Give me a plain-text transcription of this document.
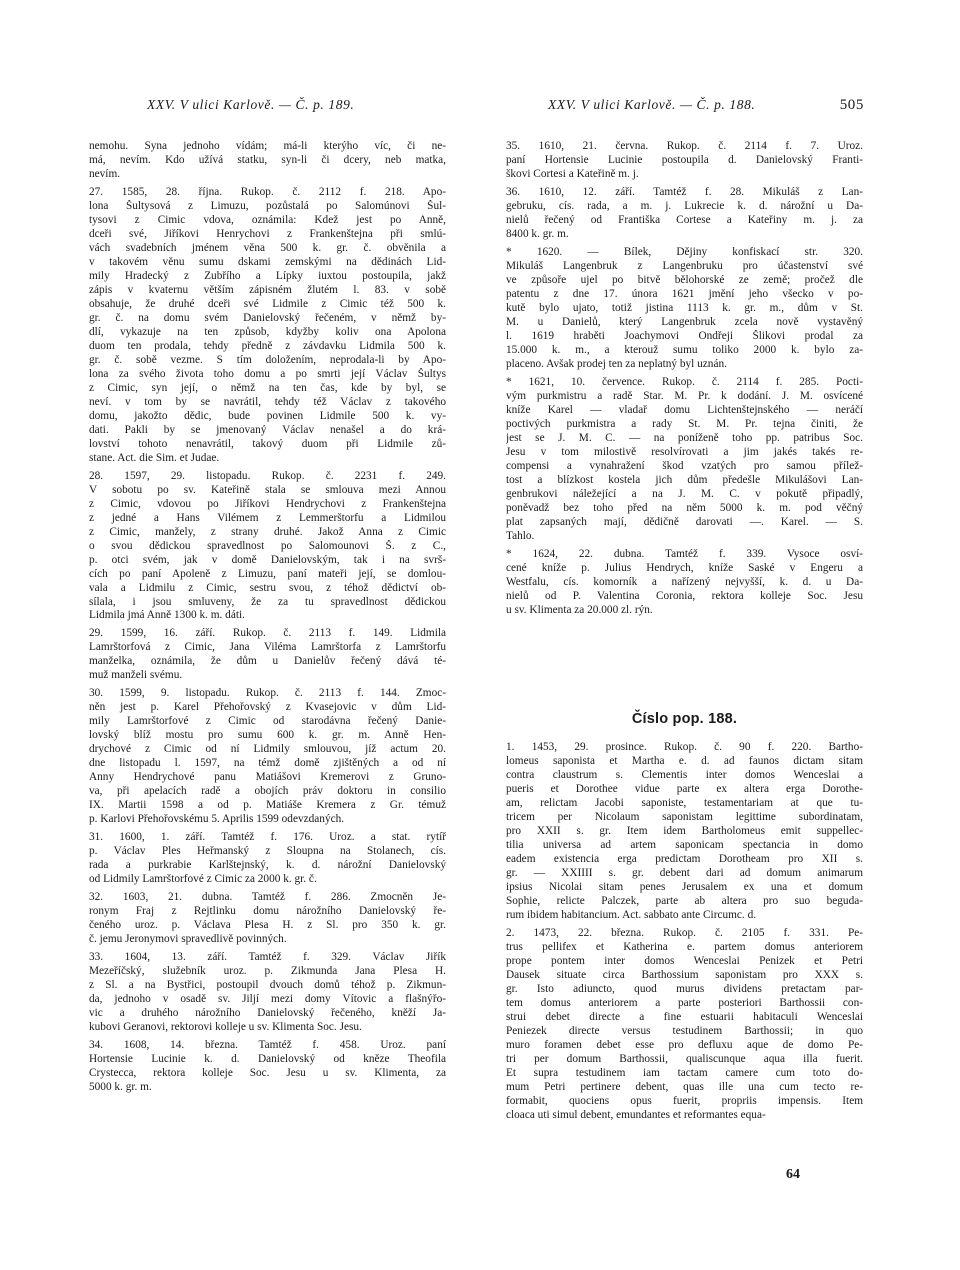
XXV. V ulici Karlově. — Č. p. 189.	XXV. V ulici Karlově. — Č. p. 188.	505
nemohu. Syna jednoho vídám; má-li kterýho víc, či ne-
má, nevím. Kdo užívá statku, syn-li či dcery, neb matka,
nevím.
27. 1585, 28. října. Rukop. č. 2112 f. 218. Apo-
lona Šultysová z Limuzu, pozůstalá po Salomúnovi Šul-
tysovi z Cimic vdova, oznámila: Kdež jest po Anně,
dceři své, Jiříkovi Henrychovi z Frankenštejna při smlú-
vách svadebních jménem věna 500 k. gr. č. obvěnila a
v takovém věnu sumu dskami zemskými na dědinách Lid-
mily Hradecký z Zubřího a Lípky iuxtou postoupila, jakž
zápis v kvaternu větším zápisném žlutém l. 83. v sobě
obsahuje, že druhé dceři své Lidmile z Cimic též 500 k.
gr. č. na domu svém Danielovský řečeném, v němž by-
dlí, vykazuje na ten způsob, kdyžby koliv ona Apolona
duom ten prodala, tehdy předně z závdavku Lidmila 500 k.
gr. č. sobě vezme. S tím doložením, neprodala-li by Apo-
lona za svého života toho domu a po smrti její Václav Šultys
z Cimic, syn její, o němž na ten čas, kde by byl, se
neví. v tom by se navrátil, tehdy též Václav z takového
domu, jakožto dědic, bude povinen Lidmile 500 k. vy-
dati. Pakli by se jmenovaný Václav nenašel a do krá-
lovství tohoto nenavrátil, takový duom při Lidmile zů-
stane. Act. die Sim. et Judae.
28. 1597, 29. listopadu. Rukop. č. 2231 f. 249.
V sobotu po sv. Kateřině stala se smlouva mezi Annou
z Cimic, vdovou po Jiříkovi Hendrychovi z Frankenštejna
z jedné a Hans Vilémem z Lemmerštorfu a Lidmilou
z Cimic, manžely, z strany druhé. Jakož Anna z Cimic
o svou dědickou spravedlnost po Salomounovi Š. z C.,
p. otci svém, jak v domě Danielovským, tak i na svrš-
cích po paní Apoleně z Limuzu, paní mateři její, se domlou-
vala a Lidmilu z Cimic, sestru svou, z téhož dědictví ob-
sílala, i jsou smluveny, že za tu spravedlnost dědickou
Lidmila jmá Anně 1300 k. m. dáti.
29. 1599, 16. září. Rukop. č. 2113 f. 149. Lidmila
Lamrštorfová z Cimic, Jana Viléma Lamrštorfa z Lamrštorfu
manželka, oznámila, že dům u Danielův řečený dává té-
muž manželi svému.
30. 1599, 9. listopadu. Rukop. č. 2113 f. 144. Zmoc-
něn jest p. Karel Přehořovský z Kvasejovic v dům Lid-
mily Lamrštorfové z Cimic od starodávna řečený Danie-
lovský blíž mostu pro sumu 600 k. gr. m. Anně Hen-
drychové z Cimic od ní Lidmily smlouvou, jíž actum 20.
dne listopadu l. 1597, na témž domě zjištěných a od ní
Anny Hendrychové panu Matiášovi Kremerovi z Gruno-
va, při apelacích radě a obojích práv doktoru in consilio
IX. Martii 1598 a od p. Matiáše Kremera z Gr. témuž
p. Karlovi Přehořovskému 5. Aprilis 1599 odevzdaných.
31. 1600, 1. září. Tamtéž f. 176. Uroz. a stat. rytíř
p. Václav Ples Heřmanský z Sloupna na Stolanech, cís.
rada a purkrabie Karlštejnský, k. d. nárožní Danielovský
od Lidmily Lamrštorfové z Cimic za 2000 k. gr. č.
32. 1603, 21. dubna. Tamtéž f. 286. Zmocněn Je-
ronym Fraj z Rejtlinku domu nárožního Danielovský ře-
čeného uroz. p. Václava Plesa H. z Sl. pro 350 k. gr.
č. jemu Jeronymovi spravedlivě povinných.
33. 1604, 13. září. Tamtéž f. 329. Václav Jiřík
Mezeříčský, služebník uroz. p. Zikmunda Jana Plesa H.
z Sl. a na Bystřici, postoupil dvouch domů téhož p. Zikmun-
da, jednoho v osadě sv. Jiljí mezi domy Vítovic a flašnýřo-
vic a druhého nárožního Danielovský řečeného, kněží Ja-
kubovi Geranovi, rektorovi kolleje u sv. Klimenta Soc. Jesu.
34. 1608, 14. března. Tamtéž f. 458. Uroz. paní
Hortensie Lucinie k. d. Danielovský od kněze Theofila
Crystecca, rektora kolleje Soc. Jesu u sv. Klimenta, za
5000 k. gr. m.
35. 1610, 21. června. Rukop. č. 2114 f. 7. Uroz.
paní Hortensie Lucinie postoupila d. Danielovský Franti-
škovi Cortesi a Kateřině m. j.
36. 1610, 12. září. Tamtéž f. 28. Mikuláš z Lan-
gebruku, cís. rada, a m. j. Lukrecie k. d. nárožní u Da-
nielů řečený od Františka Cortese a Kateřiny m. j. za
8400 k. gr. m.
* 1620. — Bílek, Dějiny konfiskací str. 320.
Mikuláš Langenbruk z Langenbruku pro účastenství své
ve způsoře ujel po bitvě bělohorské ze země; pročež dle
patentu z dne 17. února 1621 jmění jeho všecko v po-
kutě bylo ujato, totiž jistina 1113 k. gr. m., dům v St.
M. u Danielů, který Langenbruk zcela nově vystavěný
l. 1619 hraběti Joachymovi Ondřeji Šlikovi prodal za
15.000 k. m., a kterouž sumu toliko 2000 k. bylo za-
placeno. Avšak prodej ten za neplatný byl uznán.
* 1621, 10. července. Rukop. č. 2114 f. 285. Pocti-
vým purkmistru a radě Star. M. Pr. k dodání. J. M. osvícené
kníže Karel — vladař domu Lichtenštejnského — neráčí
poctivých purkmistra a rady St. M. Pr. tejna činiti, že
jest se J. M. C. — na poníženě toho pp. patribus Soc.
Jesu v tom milostivě resolvírovati a jim jakés takés re-
compensi a vynahražení škod vzatých pro samou přílež-
tost a blízkost kostela jich dům předešle Mikulášovi Lan-
genbrukovi náležející a na J. M. C. v pokutě připadlý,
poněvadž bez toho před na něm 5000 k. m. pod věčný
plat zapsaných mají, dědičně darovati —. Karel. — S.
Tahlo.
* 1624, 22. dubna. Tamtéž f. 339. Vysoce osví-
cené kníže p. Julius Hendrych, kníže Saské v Engeru a
Westfalu, cís. komorník a nařízený nejvyšší, k. d. u Da-
nielů od P. Valentina Coronia, rektora kolleje Soc. Jesu
u sv. Klimenta za 20.000 zl. rýn.
Číslo pop. 188.
1. 1453, 29. prosince. Rukop. č. 90 f. 220. Bartho-
lomeus saponista et Martha e. d. ad faunos dictam sitam
contra claustrum s. Clementis inter domos Wenceslai a
pueris et Dorothee vidue parte ex altera erga Dorothe-
am, relictam Jacobi saponiste, testamentariam at que tu-
tricem per Nicolaum saponistam legittime subordinatam,
pro XXII s. gr. Item idem Bartholomeus emit suppellec-
tilia universa ad artem saponicam spectancia in domo
eadem existencia erga predictam Dorotheam pro XII s.
gr. — XXIIII s. gr. debent dari ad domum animarum
ipsius Nicolai sitam penes Jerusalem ex una et domum
Sophie, relicte Palczek, parte ab altera pro suo beguda-
rum ibidem habitancium. Act. sabbato ante Circumc. d.
2. 1473, 22. března. Rukop. č. 2105 f. 331. Pe-
trus pellifex et Katherina e. partem domus anteriorem
prope pontem inter domos Wenceslai Penizek et Petri
Dausek situate circa Barthossium saponistam pro XXX s.
gr. Isto adiuncto, quod murus dividens pretactam par-
tem domus anteriorem a parte posteriori Barthossii con-
strui debet directe a fine estuarii habitaculi Wenceslai
Peniezek directe versus testudinem Barthossii; in quo
muro foramen debet esse pro defluxu aque de domo Pe-
tri per domum Barthossii, qualiscunque aqua illa fuerit.
Et supra testudinem iam tactam camere cum toto do-
mum Petri pertinere debent, quas ille una cum tecto re-
formabit, quociens opus fuerit, propriis impensis. Item
cloaca uti simul debent, emundantes et reformantes equa-
64
